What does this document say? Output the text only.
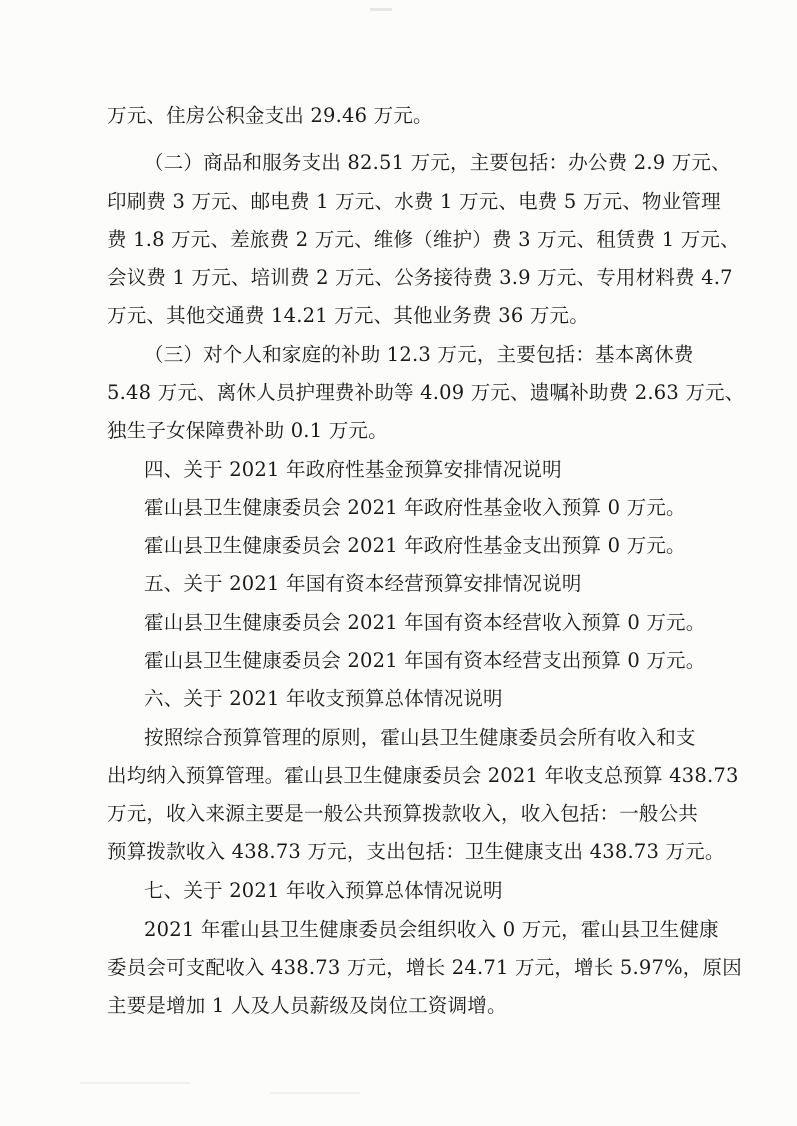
万元、住房公积金支出 29.46 万元。
（二）商品和服务支出 82.51 万元，主要包括：办公费 2.9 万元、
印刷费 3 万元、邮电费 1 万元、水费 1 万元、电费 5 万元、物业管理
费 1.8 万元、差旅费 2 万元、维修（维护）费 3 万元、租赁费 1 万元、
会议费 1 万元、培训费 2 万元、公务接待费 3.9 万元、专用材料费 4.7
万元、其他交通费 14.21 万元、其他业务费 36 万元。
（三）对个人和家庭的补助 12.3 万元，主要包括：基本离休费
5.48 万元、离休人员护理费补助等 4.09 万元、遗嘱补助费 2.63 万元、
独生子女保障费补助 0.1 万元。
四、关于 2021 年政府性基金预算安排情况说明
霍山县卫生健康委员会 2021 年政府性基金收入预算 0 万元。
霍山县卫生健康委员会 2021 年政府性基金支出预算 0 万元。
五、关于 2021 年国有资本经营预算安排情况说明
霍山县卫生健康委员会 2021 年国有资本经营收入预算 0 万元。
霍山县卫生健康委员会 2021 年国有资本经营支出预算 0 万元。
六、关于 2021 年收支预算总体情况说明
按照综合预算管理的原则，霍山县卫生健康委员会所有收入和支
出均纳入预算管理。霍山县卫生健康委员会 2021 年收支总预算 438.73
万元，收入来源主要是一般公共预算拨款收入，收入包括：一般公共
预算拨款收入 438.73 万元，支出包括：卫生健康支出 438.73 万元。
七、关于 2021 年收入预算总体情况说明
2021 年霍山县卫生健康委员会组织收入 0 万元，霍山县卫生健康
委员会可支配收入 438.73 万元，增长 24.71 万元，增长 5.97%，原因
主要是增加 1 人及人员薪级及岗位工资调增。
